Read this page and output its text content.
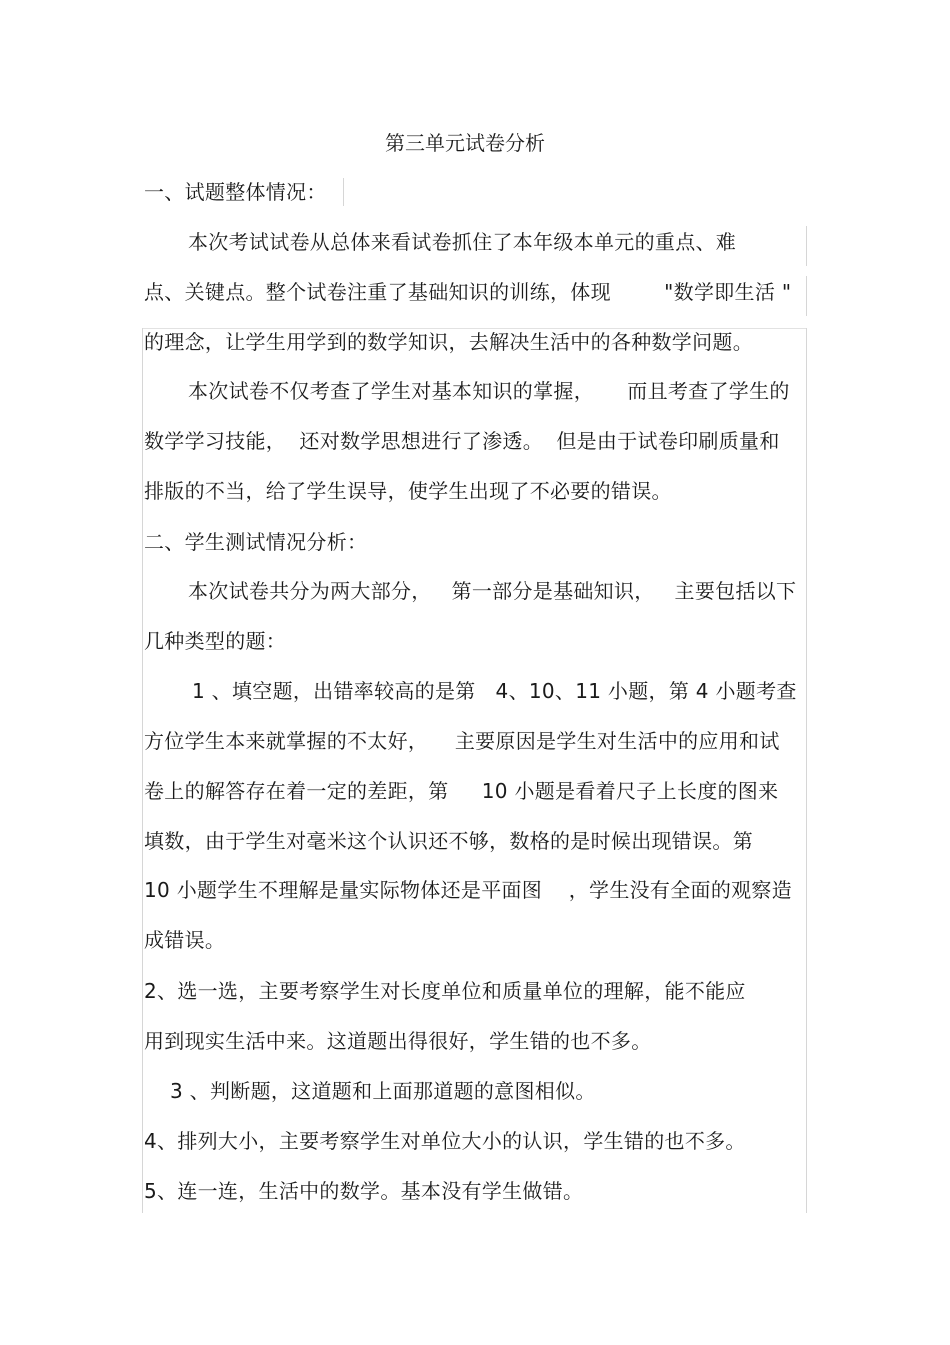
第三单元试卷分析
一、试题整体情况：
本次考试试卷从总体来看试卷抓住了本年级本单元的重点、难
点、关键点。整个试卷注重了基础知识的训练，体现        "数学即生活 "
的理念，让学生用学到的数学知识，去解决生活中的各种数学问题。
本次试卷不仅考查了学生对基本知识的掌握，     而且考查了学生的
数学学习技能，  还对数学思想进行了渗透。  但是由于试卷印刷质量和
排版的不当，给了学生误导，使学生出现了不必要的错误。
二、学生测试情况分析：
本次试卷共分为两大部分，   第一部分是基础知识，   主要包括以下
几种类型的题：
1 、填空题，出错率较高的是第   4、10、11 小题，第 4 小题考查
方位学生本来就掌握的不太好，    主要原因是学生对生活中的应用和试
卷上的解答存在着一定的差距，第     10 小题是看着尺子上长度的图来
填数，由于学生对毫米这个认识还不够，数格的是时候出现错误。第
10 小题学生不理解是量实际物体还是平面图    ，学生没有全面的观察造
成错误。
2、选一选，主要考察学生对长度单位和质量单位的理解，能不能应
用到现实生活中来。这道题出得很好，学生错的也不多。
3 、判断题，这道题和上面那道题的意图相似。
4、排列大小，主要考察学生对单位大小的认识，学生错的也不多。
5、连一连，生活中的数学。基本没有学生做错。
